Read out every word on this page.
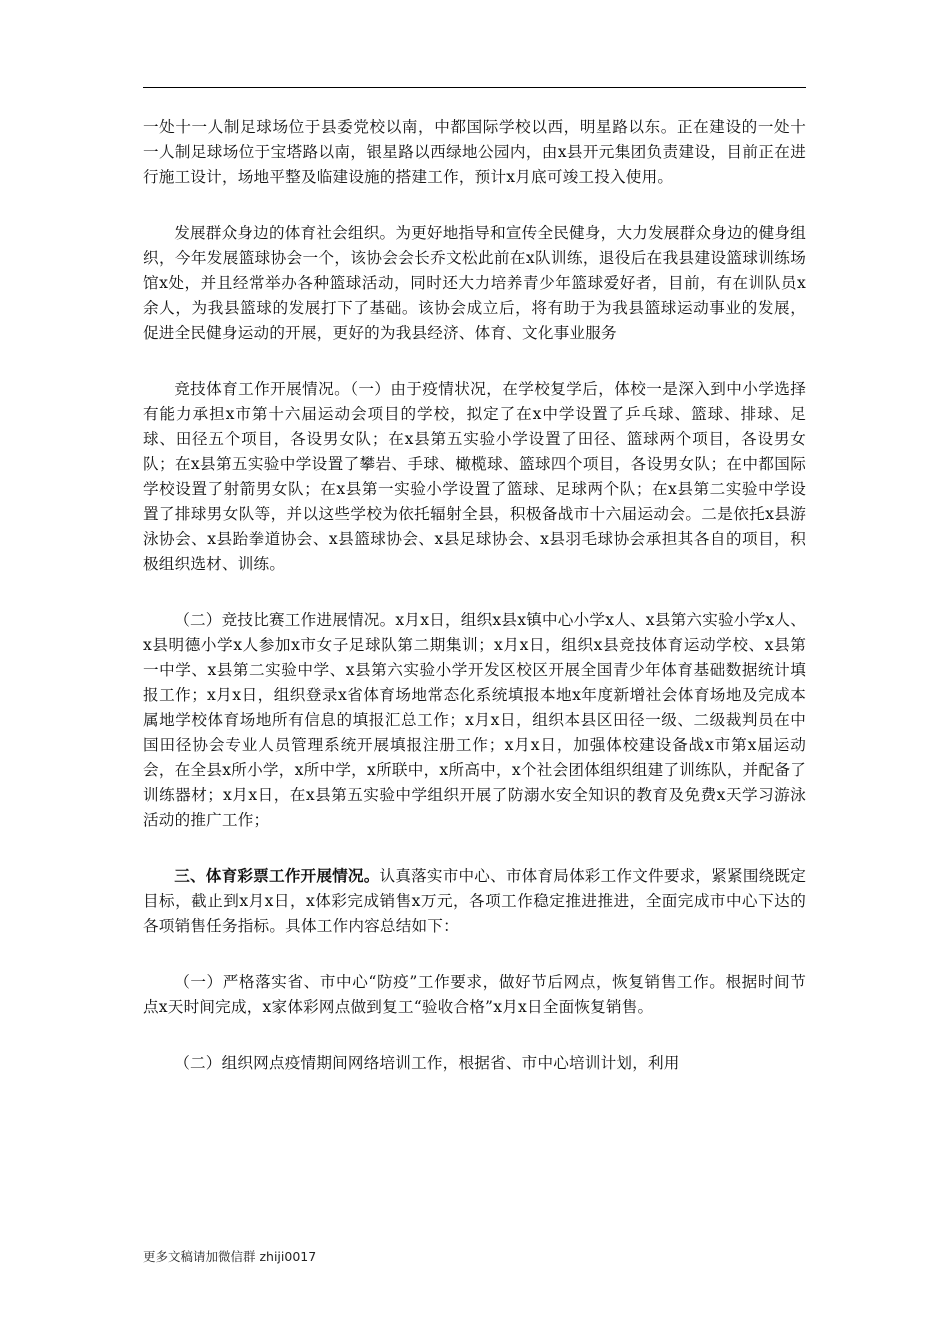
一处十一人制足球场位于县委党校以南，中都国际学校以西，明星路以东。正在建设的一处十一人制足球场位于宝塔路以南，银星路以西绿地公园内，由x县开元集团负责建设，目前正在进行施工设计，场地平整及临建设施的搭建工作，预计x月底可竣工投入使用。

发展群众身边的体育社会组织。为更好地指导和宣传全民健身，大力发展群众身边的健身组织，今年发展篮球协会一个，该协会会长乔文松此前在x队训练，退役后在我县建设篮球训练场馆x处，并且经常举办各种篮球活动，同时还大力培养青少年篮球爱好者，目前，有在训队员x余人，为我县篮球的发展打下了基础。该协会成立后，将有助于为我县篮球运动事业的发展，促进全民健身运动的开展，更好的为我县经济、体育、文化事业服务

竞技体育工作开展情况。（一）由于疫情状况，在学校复学后，体校一是深入到中小学选择有能力承担x市第十六届运动会项目的学校，拟定了在x中学设置了乒乓球、篮球、排球、足球、田径五个项目，各设男女队；在x县第五实验小学设置了田径、篮球两个项目，各设男女队；在x县第五实验中学设置了攀岩、手球、橄榄球、篮球四个项目，各设男女队；在中都国际学校设置了射箭男女队；在x县第一实验小学设置了篮球、足球两个队；在x县第二实验中学设置了排球男女队等，并以这些学校为依托辐射全县，积极备战市十六届运动会。二是依托x县游泳协会、x县跆拳道协会、x县篮球协会、x县足球协会、x县羽毛球协会承担其各自的项目，积极组织选材、训练。

（二）竞技比赛工作进展情况。x月x日，组织x县x镇中心小学x人、x县第六实验小学x人、x县明德小学x人参加x市女子足球队第二期集训；x月x日，组织x县竞技体育运动学校、x县第一中学、x县第二实验中学、x县第六实验小学开发区校区开展全国青少年体育基础数据统计填报工作；x月x日，组织登录x省体育场地常态化系统填报本地x年度新增社会体育场地及完成本属地学校体育场地所有信息的填报汇总工作；x月x日，组织本县区田径一级、二级裁判员在中国田径协会专业人员管理系统开展填报注册工作；x月x日，加强体校建设备战x市第x届运动会，在全县x所小学，x所中学，x所联中，x所高中，x个社会团体组织组建了训练队，并配备了训练器材；x月x日，在x县第五实验中学组织开展了防溺水安全知识的教育及免费x天学习游泳活动的推广工作；

三、体育彩票工作开展情况。认真落实市中心、市体育局体彩工作文件要求，紧紧围绕既定目标，截止到x月x日，x体彩完成销售x万元，各项工作稳定推进推进，全面完成市中心下达的各项销售任务指标。具体工作内容总结如下：

（一）严格落实省、市中心“防疫”工作要求，做好节后网点，恢复销售工作。根据时间节点x天时间完成，x家体彩网点做到复工“验收合格”x月x日全面恢复销售。

（二）组织网点疫情期间网络培训工作，根据省、市中心培训计划，利用

更多文稿请加微信群 zhiji0017
